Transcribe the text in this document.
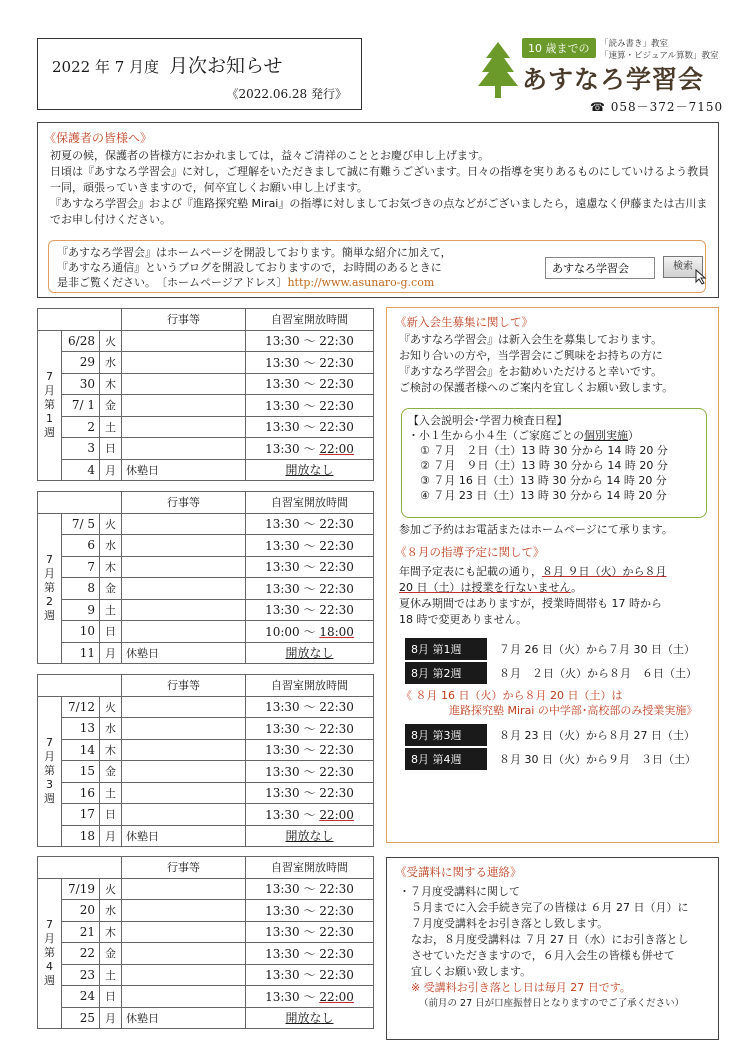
2022 年 7 月度 月次お知らせ
《2022.06.28 発行》
10 歳までの	「読み書き」教室
「速算・ビジュアル算数」教室
あすなろ学習会
☎ 058－372－7150
《保護者の皆様へ》

初夏の候，保護者の皆様方におかれましては，益々ご清祥のこととお慶び申し上げます。

日頃は『あすなろ学習会』に対し，ご理解をいただきまして誠に有難うございます。日々の指導を実りあるものにしていけるよう教員一同，頑張っていきますので，何卒宜しくお願い申し上げます。

『あすなろ学習会』および『進路探究塾 Mirai』の指導に対しましてお気づきの点などがございましたら，遠慮なく伊藤または古川までお申し付けください。

『あすなろ学習会』はホームページを開設しております。簡単な紹介に加えて，
『あすなろ通信』というブログを開設しておりますので，お時間のあるときに
是非ご覧ください。　〔ホームページアドレス〕http://www.asunaro-g.com
あすなろ学習会
検索
			行事等	自習室開放時間

7
月
第
1
週	6/28	火		13:30 ～ 22:30
	29	水		13:30 ～ 22:30
	30	木		13:30 ～ 22:30
	7/ 1	金		13:30 ～ 22:30
	2	土		13:30 ～ 22:30
	3	日		13:30 ～ 22:00
	4	月	休塾日	開放なし
			行事等	自習室開放時間

7
月
第
2
週	7/ 5	火		13:30 ～ 22:30
	6	水		13:30 ～ 22:30
	7	木		13:30 ～ 22:30
	8	金		13:30 ～ 22:30
	9	土		13:30 ～ 22:30
	10	日		10:00 ～ 18:00
	11	月	休塾日	開放なし
			行事等	自習室開放時間

7
月
第
3
週	7/12	火		13:30 ～ 22:30
	13	水		13:30 ～ 22:30
	14	木		13:30 ～ 22:30
	15	金		13:30 ～ 22:30
	16	土		13:30 ～ 22:30
	17	日		13:30 ～ 22:00
	18	月	休塾日	開放なし
			行事等	自習室開放時間

7
月
第
4
週	7/19	火		13:30 ～ 22:30
	20	水		13:30 ～ 22:30
	21	木		13:30 ～ 22:30
	22	金		13:30 ～ 22:30
	23	土		13:30 ～ 22:30
	24	日		13:30 ～ 22:00
	25	月	休塾日	開放なし
《新入会生募集に関して》
『あすなろ学習会』は新入会生を募集しております。
お知り合いの方や，当学習会にご興味をお持ちの方に
『あすなろ学習会』をお勧めいただけると幸いです。
ご検討の保護者様へのご案内を宜しくお願い致します。
【入会説明会･学習力検査日程】
・小１生から小４生（ご家庭ごとの個別実施）
① ７月　２日（土）13 時 30 分から 14 時 20 分
② ７月　９日（土）13 時 30 分から 14 時 20 分
③ ７月 16 日（土）13 時 30 分から 14 時 20 分
④ ７月 23 日（土）13 時 30 分から 14 時 20 分
参加ご予約はお電話またはホームページにて承ります。
《８月の指導予定に関して》
年間予定表にも記載の通り，８月 ９日（火）から８月
20 日（土）は授業を行ないません。
夏休み期間ではありますが，授業時間帯も 17 時から
18 時で変更ありません。
8月 第1週	７月 26 日（火）から７月 30 日（土）
8月 第2週	８月　２日（火）から８月　６日（土）
《 ８月 16 日（火）から８月 20 日（土）は
進路探究塾 Mirai の中学部･高校部のみ授業実施》
8月 第3週	８月 23 日（火）から８月 27 日（土）
8月 第4週	８月 30 日（火）から９月　３日（土）
《受講料に関する連絡》
・７月度受講料に関して
５月までに入会手続き完了の皆様は ６月 27 日（月）に
７月度受講料をお引き落とし致します。
なお，８月度受講料は ７月 27 日（水）にお引き落とし
させていただきますので，６月入会生の皆様も併せて
宜しくお願い致します。
※ 受講料お引き落とし日は毎月 27 日です。
（前月の 27 日が口座振替日となりますのでご了承ください）
